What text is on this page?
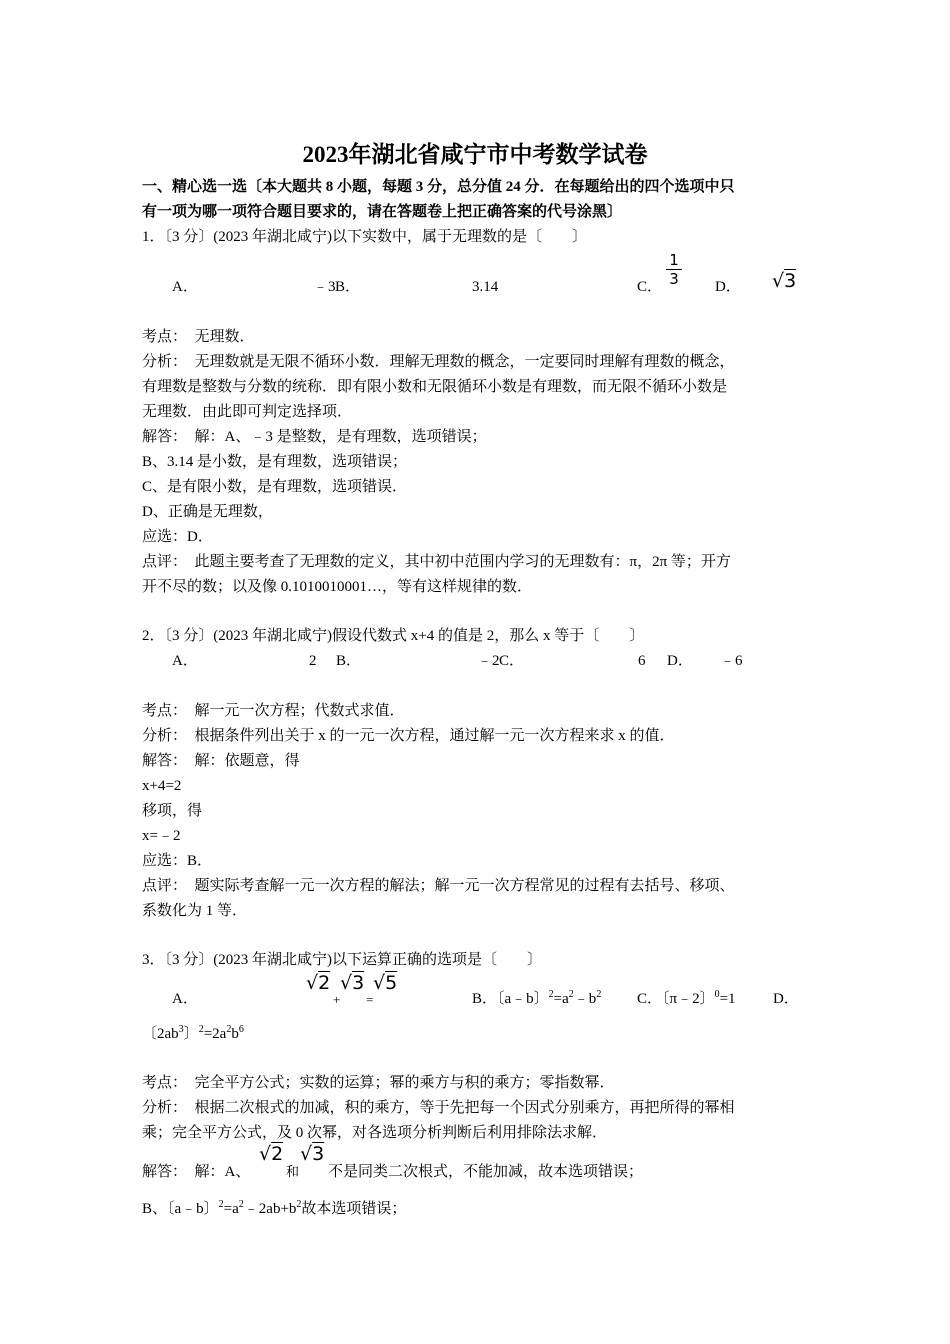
2023年湖北省咸宁市中考数学试卷
一、精心选一选〔本大题共 8 小题，每题 3 分，总分值 24 分．在每题给出的四个选项中只
有一项为哪一项符合题目要求的，请在答题卷上把正确答案的代号涂黑〕
1．〔3 分〕(2023 年湖北咸宁)以下实数中，属于无理数的是〔　　〕
A．	﹣3 B．	3.14	C．
1
3 D． √3
考点：　无理数．
分析：　无理数就是无限不循环小数．理解无理数的概念，一定要同时理解有理数的概念，
有理数是整数与分数的统称．即有限小数和无限循环小数是有理数，而无限不循环小数是
无理数．由此即可判定选择项．
解答：　解：A、﹣3 是整数，是有理数，选项错误；
B、3.14 是小数，是有理数，选项错误；
C、是有限小数，是有理数，选项错误．
D、正确是无理数，
应选：D．
点评：　此题主要考查了无理数的定义，其中初中范围内学习的无理数有：π，2π 等；开方
开不尽的数；以及像 0.1010010001…，等有这样规律的数．
2．〔3 分〕(2023 年湖北咸宁)假设代数式 x+4 的值是 2，那么 x 等于〔　　〕
A．	2 B．	﹣2 C．	6 D． ﹣6
考点：　解一元一次方程；代数式求值．
分析：　根据条件列出关于 x 的一元一次方程，通过解一元一次方程来求 x 的值．
解答：　解：依题意，得
x+4=2
移项，得
x=﹣2
应选：B．
点评：　题实际考查解一元一次方程的解法；解一元一次方程常见的过程有去括号、移项、
系数化为 1 等．
3．〔3 分〕(2023 年湖北咸宁)以下运算正确的选项是〔　　〕
A．
√2 √3 √5
+ =	B．〔a﹣b〕$^2=a^2﹣b^2$ C．〔π﹣2〕$^0$=1 D．
〔$2ab^3$〕$^2=2a^2b^6$
考点：　完全平方公式；实数的运算；幂的乘方与积的乘方；零指数幂．
分析：　根据二次根式的加减，积的乘方，等于先把每一个因式分别乘方，再把所得的幂相
乘；完全平方公式，及 0 次幂，对各选项分析判断后利用排除法求解．
解答：　解：A、
√2
和
√3
不是同类二次根式，不能加减，故本选项错误；
B、〔a﹣b〕$^2=a^2﹣2ab+b^2$故本选项错误；
